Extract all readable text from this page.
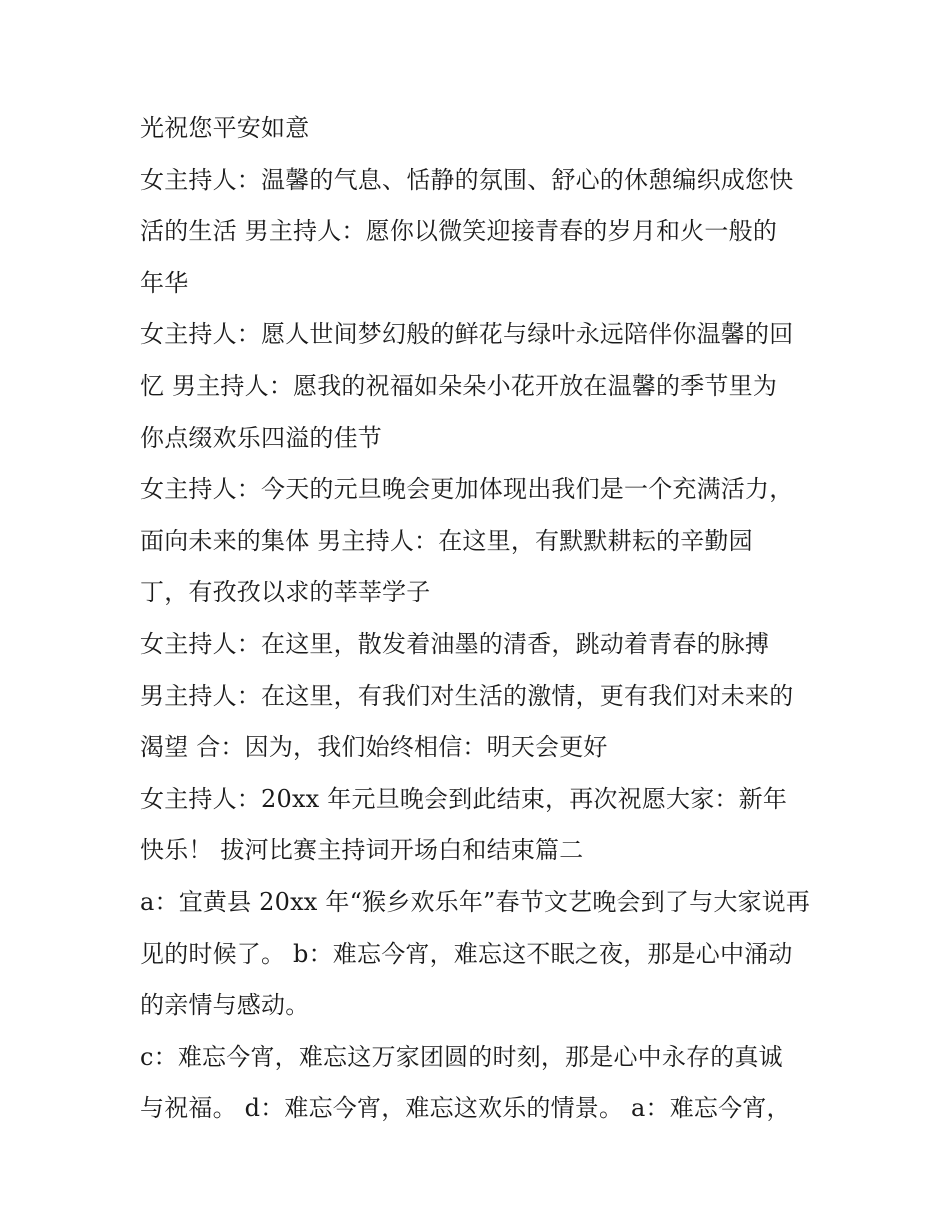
光祝您平安如意
女主持人：温馨的气息、恬静的氛围、舒心的休憩编织成您快
活的生活 男主持人：愿你以微笑迎接青春的岁月和火一般的
年华
女主持人：愿人世间梦幻般的鲜花与绿叶永远陪伴你温馨的回
忆 男主持人：愿我的祝福如朵朵小花开放在温馨的季节里为
你点缀欢乐四溢的佳节
女主持人：今天的元旦晚会更加体现出我们是一个充满活力，
面向未来的集体 男主持人：在这里，有默默耕耘的辛勤园
丁，有孜孜以求的莘莘学子
女主持人：在这里，散发着油墨的清香，跳动着青春的脉搏
男主持人：在这里，有我们对生活的激情，更有我们对未来的
渴望 合：因为，我们始终相信：明天会更好
女主持人：20xx 年元旦晚会到此结束，再次祝愿大家：新年
快乐！ 拔河比赛主持词开场白和结束篇二
a：宜黄县 20xx 年“猴乡欢乐年”春节文艺晚会到了与大家说再
见的时候了。 b：难忘今宵，难忘这不眠之夜，那是心中涌动
的亲情与感动。
c：难忘今宵，难忘这万家团圆的时刻，那是心中永存的真诚
与祝福。 d：难忘今宵，难忘这欢乐的情景。 a：难忘今宵，
